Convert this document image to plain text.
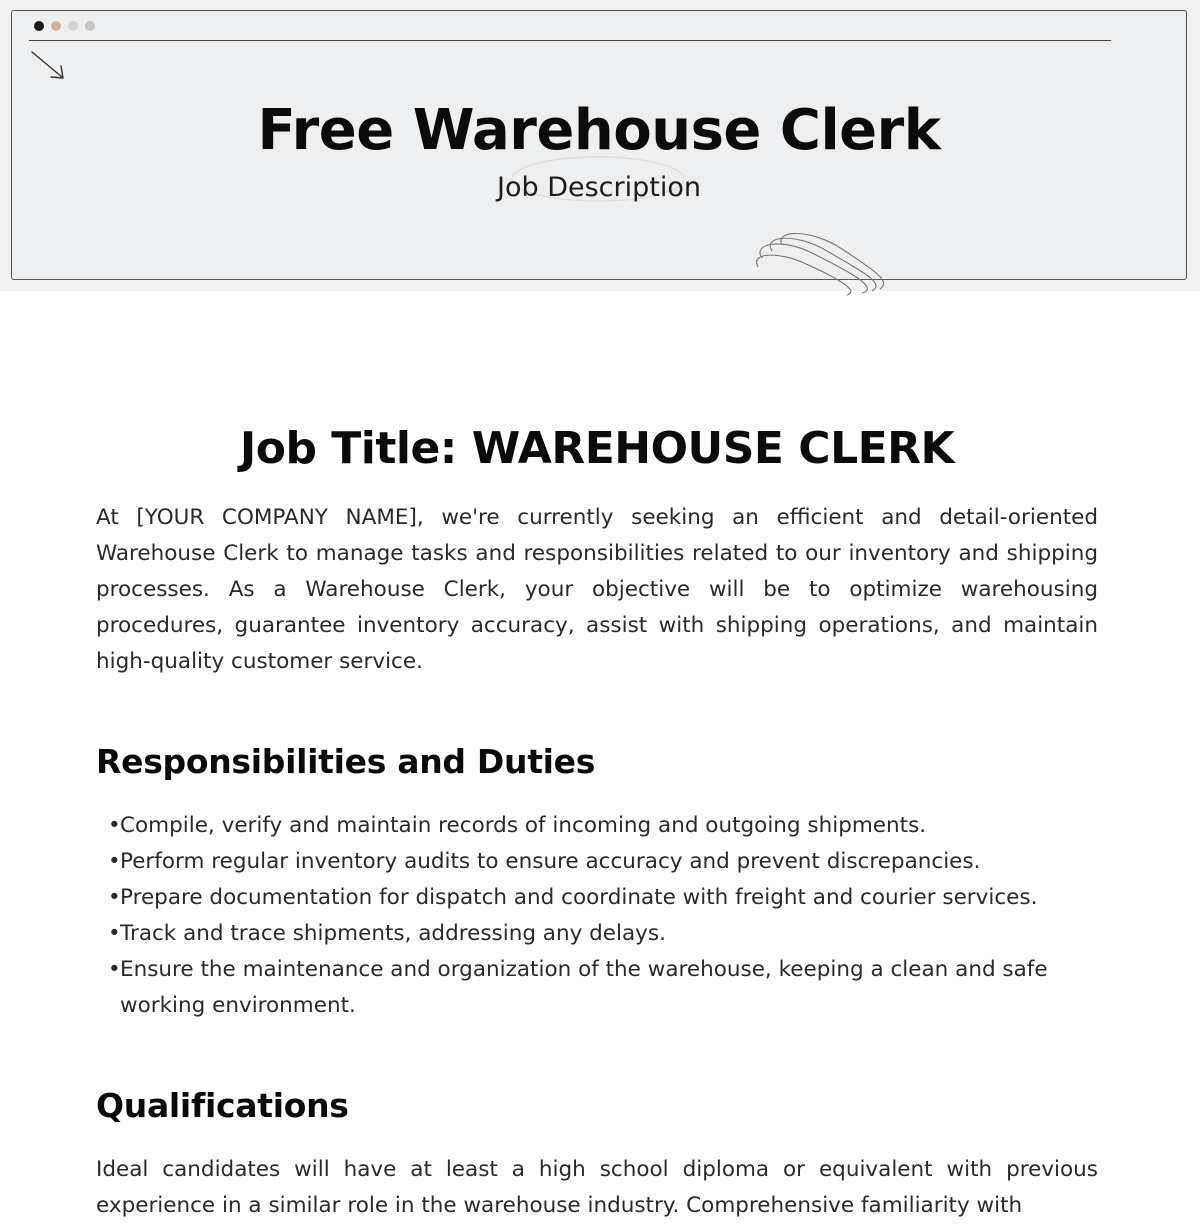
Free Warehouse Clerk

Job Description

Job Title: WAREHOUSE CLERK

At [YOUR COMPANY NAME], we're currently seeking an efficient and detail-oriented Warehouse Clerk to manage tasks and responsibilities related to our inventory and shipping processes. As a Warehouse Clerk, your objective will be to optimize warehousing procedures, guarantee inventory accuracy, assist with shipping operations, and maintain high-quality customer service.

Responsibilities and Duties
• Compile, verify and maintain records of incoming and outgoing shipments.
• Perform regular inventory audits to ensure accuracy and prevent discrepancies.
• Prepare documentation for dispatch and coordinate with freight and courier services.
• Track and trace shipments, addressing any delays.
• Ensure the maintenance and organization of the warehouse, keeping a clean and safe working environment.
Qualifications

Ideal candidates will have at least a high school diploma or equivalent with previous experience in a similar role in the warehouse industry. Comprehensive familiarity with
